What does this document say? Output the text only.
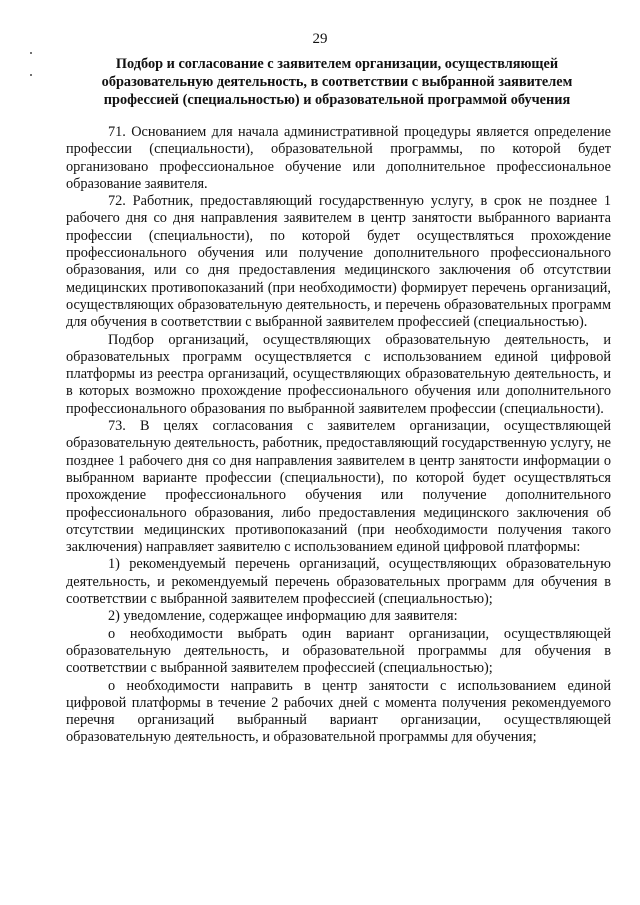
29
Подбор и согласование с заявителем организации, осуществляющей
образовательную деятельность, в соответствии с выбранной заявителем
профессией (специальностью) и образовательной программой обучения

71. Основанием для начала административной процедуры является определение профессии (специальности), образовательной программы, по которой будет организовано профессиональное обучение или дополнительное профессиональное образование заявителя.

72. Работник, предоставляющий государственную услугу, в срок не позднее 1 рабочего дня со дня направления заявителем в центр занятости выбранного варианта профессии (специальности), по которой будет осуществляться прохождение профессионального обучения или получение дополнительного профессионального образования, или со дня предоставления медицинского заключения об отсутствии медицинских противопоказаний (при необходимости) формирует перечень организаций, осуществляющих образовательную деятельность, и перечень образовательных программ для обучения в соответствии с выбранной заявителем профессией (специальностью).

Подбор организаций, осуществляющих образовательную деятельность, и образовательных программ осуществляется с использованием единой цифровой платформы из реестра организаций, осуществляющих образовательную деятельность, и в которых возможно прохождение профессионального обучения или дополнительного профессионального образования по выбранной заявителем профессии (специальности).

73. В целях согласования с заявителем организации, осуществляющей образовательную деятельность, работник, предоставляющий государственную услугу, не позднее 1 рабочего дня со дня направления заявителем в центр занятости информации о выбранном варианте профессии (специальности), по которой будет осуществляться прохождение профессионального обучения или получение дополнительного профессионального образования, либо предоставления медицинского заключения об отсутствии медицинских противопоказаний (при необходимости получения такого заключения) направляет заявителю с использованием единой цифровой платформы:

1) рекомендуемый перечень организаций, осуществляющих образовательную деятельность, и рекомендуемый перечень образовательных программ для обучения в соответствии с выбранной заявителем профессией (специальностью);

2) уведомление, содержащее информацию для заявителя:

о необходимости выбрать один вариант организации, осуществляющей образовательную деятельность, и образовательной программы для обучения в соответствии с выбранной заявителем профессией (специальностью);

о необходимости направить в центр занятости с использованием единой цифровой платформы в течение 2 рабочих дней с момента получения рекомендуемого перечня организаций выбранный вариант организации, осуществляющей образовательную деятельность, и образовательной программы для обучения;
